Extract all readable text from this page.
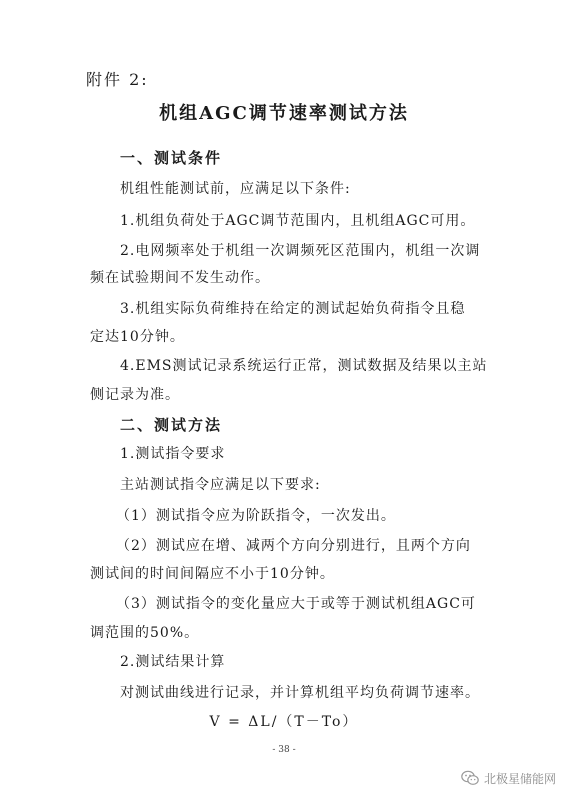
附件 2:
机组AGC调节速率测试方法
一、测试条件
机组性能测试前，应满足以下条件:
1.机组负荷处于AGC调节范围内，且机组AGC可用。
2.电网频率处于机组一次调频死区范围内，机组一次调
频在试验期间不发生动作。
3.机组实际负荷维持在给定的测试起始负荷指令且稳
定达10分钟。
4.EMS测试记录系统运行正常，测试数据及结果以主站
侧记录为准。
二、测试方法
1.测试指令要求
主站测试指令应满足以下要求:
（1）测试指令应为阶跃指令，一次发出。
（2）测试应在增、减两个方向分别进行，且两个方向
测试间的时间间隔应不小于10分钟。
（3）测试指令的变化量应大于或等于测试机组AGC可
调范围的50%。
2.测试结果计算
对测试曲线进行记录，并计算机组平均负荷调节速率。
V = ΔL/（T－To）
- 38 -
北极星储能网
